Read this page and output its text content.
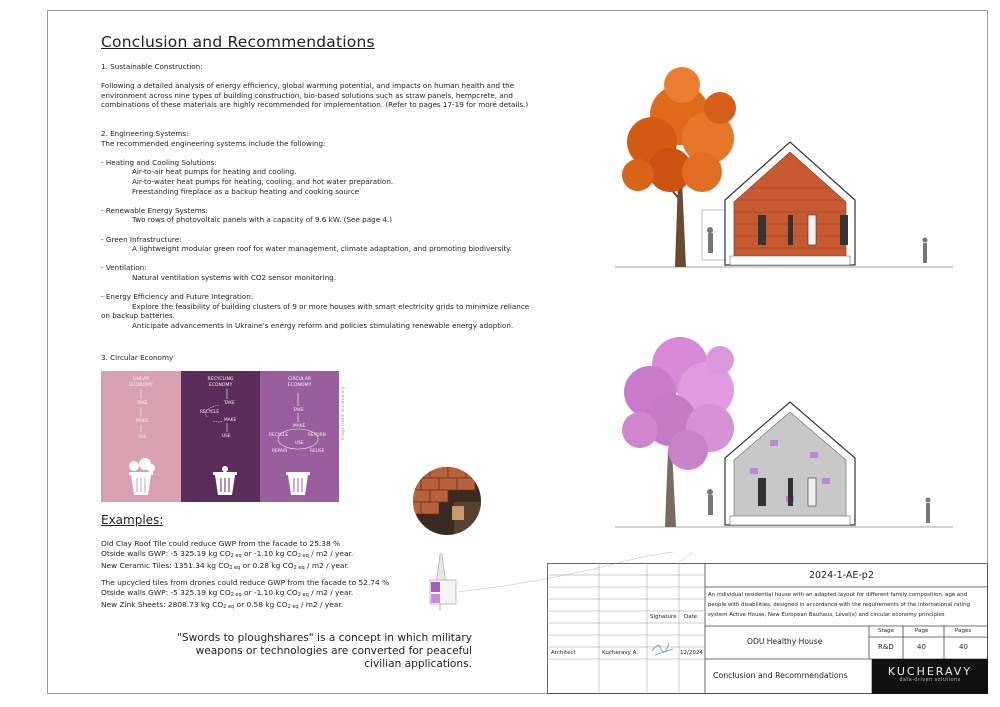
Conclusion and Recommendations
1. Sustainable Construction:
Following a detailed analysis of energy efficiency, global warming potential, and impacts on human health and the
environment across nine types of building construction, bio-based solutions such as straw panels, hempcrete, and
combinations of these materials are highly recommended for implementation. (Refer to pages 17-19 for more details.)
2. Engineering Systems:
The recommended engineering systems include the following:
- Heating and Cooling Solutions:
Air-to-air heat pumps for heating and cooling.
Air-to-water heat pumps for heating, cooling, and hot water preparation.
Freestanding fireplace as a backup heating and cooking source
- Renewable Energy Systems:
Two rows of photovoltaic panels with a capacity of 9.6 kW. (See page 4.)
- Green Infrastructure:
A lightweight modular green roof for water management, climate adaptation, and promoting biodiversity.
- Ventilation:
Natural ventilation systems with CO2 sensor monitoring.
- Energy Efficiency and Future Integration:
Explore the feasibility of building clusters of 9 or more houses with smart electricity grids to minimize reliance
on backup batteries.
Anticipate advancements in Ukraine's energy reform and policies stimulating renewable energy adoption.
3. Circular Economy
LINEAR
ECONOMY
TAKE
MAKE
USE
RECYCLING
ECONOMY
TAKE
RECYCLE
MAKE
USE
CIRCULAR
ECONOMY
TAKE
MAKE
RECYCLE	RETURN
USE
REPAIR	REUSE
Image credit: dcc.www.org
Examples:
Old Clay Roof Tile could reduce GWP from the facade to 25.38 %
Otside walls GWP: -5 325.19 kg $CO_{2 eq}$ or -1.10 kg $CO_{2 eq} / m2$ / year.
New Ceramic Tiles: 1351.34 kg $CO_{2 eq}$ or 0.28 kg $CO_{2 eq} / m2$ / year.
The upcycled tiles from drones could reduce GWP from the facade to 52.74 %
Otside walls GWP: -5 325.19 kg $CO_{2 eq}$ or -1.10 kg $CO_{2 eq} / m2$ / year.
New Zink Sheets: 2808.73 kg $CO_{2 eq}$ or 0.58 kg $CO_{2 eq} / m2$ / year.
"Swords to ploughshares" is a concept in which military
weapons or technologies are converted for peaceful
civilian applications.
Signature Date
Architect	Kucheravy A.	12/2024
2024-1-AE-p2
An individual residential house with an adapted layout for different family composition, age and
people with disabilities, designed in accordance with the requirements of the international rating
system Active House, New European Bauhaus, Level(s) and circular economy principles
ODU Healthy House
Stage	Page	Pages
R&D	40	40
Conclusion and Recommendations	KUCHERAVY
data-driven solutions
